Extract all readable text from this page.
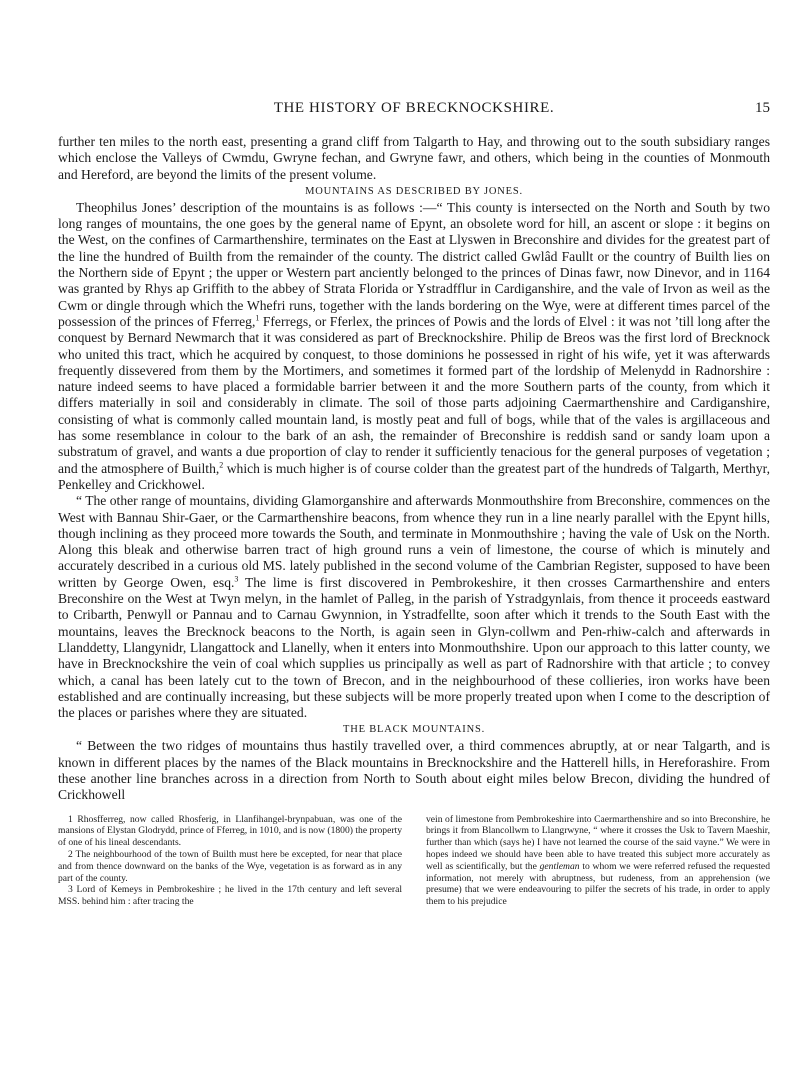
THE HISTORY OF BRECKNOCKSHIRE.	15

further ten miles to the north east, presenting a grand cliff from Talgarth to Hay, and throwing out to the south subsidiary ranges which enclose the Valleys of Cwmdu, Gwryne fechan, and Gwryne fawr, and others, which being in the counties of Monmouth and Hereford, are beyond the limits of the present volume.

MOUNTAINS AS DESCRIBED BY JONES.

Theophilus Jones’ description of the mountains is as follows :—“ This county is intersected on the North and South by two long ranges of mountains, the one goes by the general name of Epynt, an obsolete word for hill, an ascent or slope : it begins on the West, on the confines of Carmarthenshire, terminates on the East at Llyswen in Breconshire and divides for the greatest part of the line the hundred of Builth from the remainder of the county. The district called Gwlâd Faullt or the country of Builth lies on the Northern side of Epynt ; the upper or Western part anciently belonged to the princes of Dinas fawr, now Dinevor, and in 1164 was granted by Rhys ap Griffith to the abbey of Strata Florida or Ystradfflur in Cardiganshire, and the vale of Irvon as weil as the Cwm or dingle through which the Whefri runs, together with the lands bordering on the Wye, were at different times parcel of the possession of the princes of Fferreg,$^1$ Fferregs, or Fferlex, the princes of Powis and the lords of Elvel : it was not ’till long after the conquest by Bernard Newmarch that it was considered as part of Brecknockshire. Philip de Breos was the first lord of Brecknock who united this tract, which he acquired by conquest, to those dominions he possessed in right of his wife, yet it was afterwards frequently dissevered from them by the Mortimers, and sometimes it formed part of the lordship of Melenydd in Radnorshire : nature indeed seems to have placed a formidable barrier between it and the more Southern parts of the county, from which it differs materially in soil and considerably in climate. The soil of those parts adjoining Caermarthenshire and Cardiganshire, consisting of what is commonly called mountain land, is mostly peat and full of bogs, while that of the vales is argillaceous and has some resemblance in colour to the bark of an ash, the remainder of Breconshire is reddish sand or sandy loam upon a substratum of gravel, and wants a due proportion of clay to render it sufficiently tenacious for the general purposes of vegetation ; and the atmosphere of Builth,$^2$ which is much higher is of course colder than the greatest part of the hundreds of Talgarth, Merthyr, Penkelley and Crickhowel.

“ The other range of mountains, dividing Glamorganshire and afterwards Monmouthshire from Breconshire, commences on the West with Bannau Shir-Gaer, or the Carmarthenshire beacons, from whence they run in a line nearly parallel with the Epynt hills, though inclining as they proceed more towards the South, and terminate in Monmouthshire ; having the vale of Usk on the North. Along this bleak and otherwise barren tract of high ground runs a vein of limestone, the course of which is minutely and accurately described in a curious old MS. lately published in the second volume of the Cambrian Register, supposed to have been written by George Owen, esq.$^3$ The lime is first discovered in Pembrokeshire, it then crosses Carmarthenshire and enters Breconshire on the West at Twyn melyn, in the hamlet of Palleg, in the parish of Ystradgynlais, from thence it proceeds eastward to Cribarth, Penwyll or Pannau and to Carnau Gwynnion, in Ystradfellte, soon after which it trends to the South East with the mountains, leaves the Brecknock beacons to the North, is again seen in Glyn-collwm and Pen-rhiw-calch and afterwards in Llanddetty, Llangynidr, Llangattock and Llanelly, when it enters into Monmouthshire. Upon our approach to this latter county, we have in Brecknockshire the vein of coal which supplies us principally as well as part of Radnorshire with that article ; to convey which, a canal has been lately cut to the town of Brecon, and in the neighbourhood of these collieries, iron works have been established and are continually increasing, but these subjects will be more properly treated upon when I come to the description of the places or parishes where they are situated.

THE BLACK MOUNTAINS.

“ Between the two ridges of mountains thus hastily travelled over, a third commences abruptly, at or near Talgarth, and is known in different places by the names of the Black mountains in Brecknockshire and the Hatterell hills, in Hereforashire. From these another line branches across in a direction from North to South about eight miles below Brecon, dividing the hundred of Crickhowell

1 Rhosfferreg, now called Rhosferig, in Llanfihangel-brynpabuan, was one of the mansions of Elystan Glodrydd, prince of Fferreg, in 1010, and is now (1800) the property of one of his lineal descendants.

2 The neighbourhood of the town of Builth must here be excepted, for near that place and from thence downward on the banks of the Wye, vegetation is as forward as in any part of the county.

3 Lord of Kemeys in Pembrokeshire ; he lived in the 17th century and left several MSS. behind him : after tracing the

vein of limestone from Pembrokeshire into Caermarthenshire and so into Breconshire, he brings it from Blancollwm to Llangrwyne, “ where it crosses the Usk to Tavern Maeshir, further than which (says he) I have not learned the course of the said vayne.” We were in hopes indeed we should have been able to have treated this subject more accurately as well as scientifically, but the gentleman to whom we were referred refused the requested information, not merely with abruptness, but rudeness, from an apprehension (we presume) that we were endeavouring to pilfer the secrets of his trade, in order to apply them to his prejudice
